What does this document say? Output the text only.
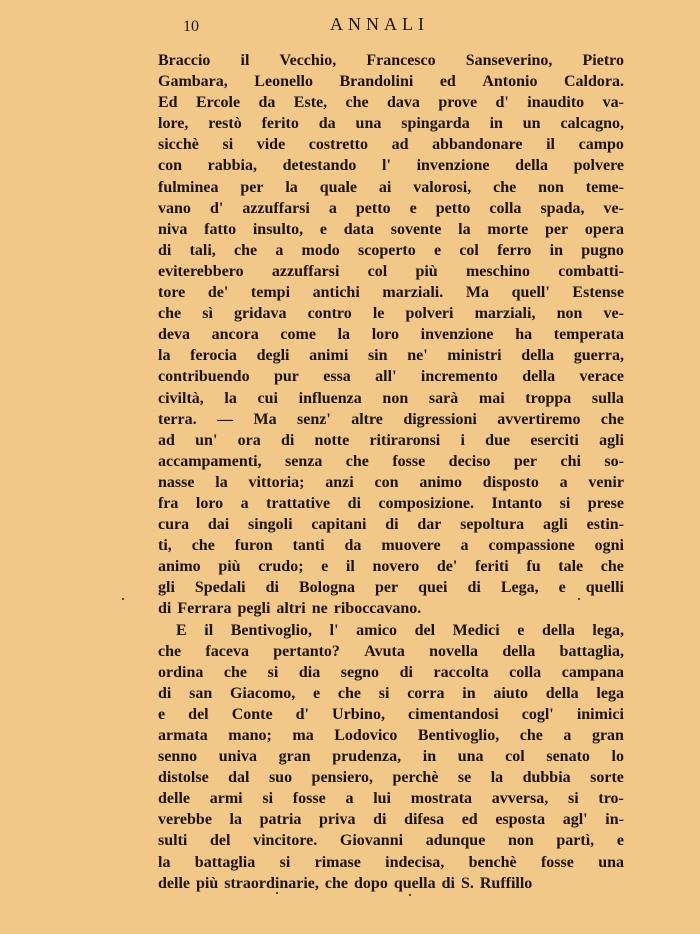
10	ANNALI
Braccio il Vecchio, Francesco Sanseverino, Pietro
Gambara, Leonello Brandolini ed Antonio Caldora.
Ed Ercole da Este, che dava prove d' inaudito va-
lore, restò ferito da una spingarda in un calcagno,
sicchè si vide costretto ad abbandonare il campo
con rabbia, detestando l' invenzione della polvere
fulminea per la quale ai valorosi, che non teme-
vano d' azzuffarsi a petto e petto colla spada, ve-
niva fatto insulto, e data sovente la morte per opera
di tali, che a modo scoperto e col ferro in pugno
eviterebbero azzuffarsi col più meschino combatti-
tore de' tempi antichi marziali. Ma quell' Estense
che sì gridava contro le polveri marziali, non ve-
deva ancora come la loro invenzione ha temperata
la ferocia degli animi sin ne' ministri della guerra,
contribuendo pur essa all' incremento della verace
civiltà, la cui influenza non sarà mai troppa sulla
terra. — Ma senz' altre digressioni avvertiremo che
ad un' ora di notte ritiraronsi i due eserciti agli
accampamenti, senza che fosse deciso per chi so-
nasse la vittoria; anzi con animo disposto a venir
fra loro a trattative di composizione. Intanto si prese
cura dai singoli capitani di dar sepoltura agli estin-
ti, che furon tanti da muovere a compassione ogni
animo più crudo; e il novero de' feriti fu tale che
gli Spedali di Bologna per quei di Lega, e quelli
di Ferrara pegli altri ne riboccavano.
E il Bentivoglio, l' amico del Medici e della lega,
che faceva pertanto? Avuta novella della battaglia,
ordina che si dia segno di raccolta colla campana
di san Giacomo, e che si corra in aiuto della lega
e del Conte d' Urbino, cimentandosi cogl' inimici
armata mano; ma Lodovico Bentivoglio, che a gran
senno univa gran prudenza, in una col senato lo
distolse dal suo pensiero, perchè se la dubbia sorte
delle armi si fosse a lui mostrata avversa, si tro-
verebbe la patria priva di difesa ed esposta agl' in-
sulti del vincitore. Giovanni adunque non partì, e
la battaglia si rimase indecisa, benchè fosse una
delle più straordinarie, che dopo quella di S. Ruffillo
